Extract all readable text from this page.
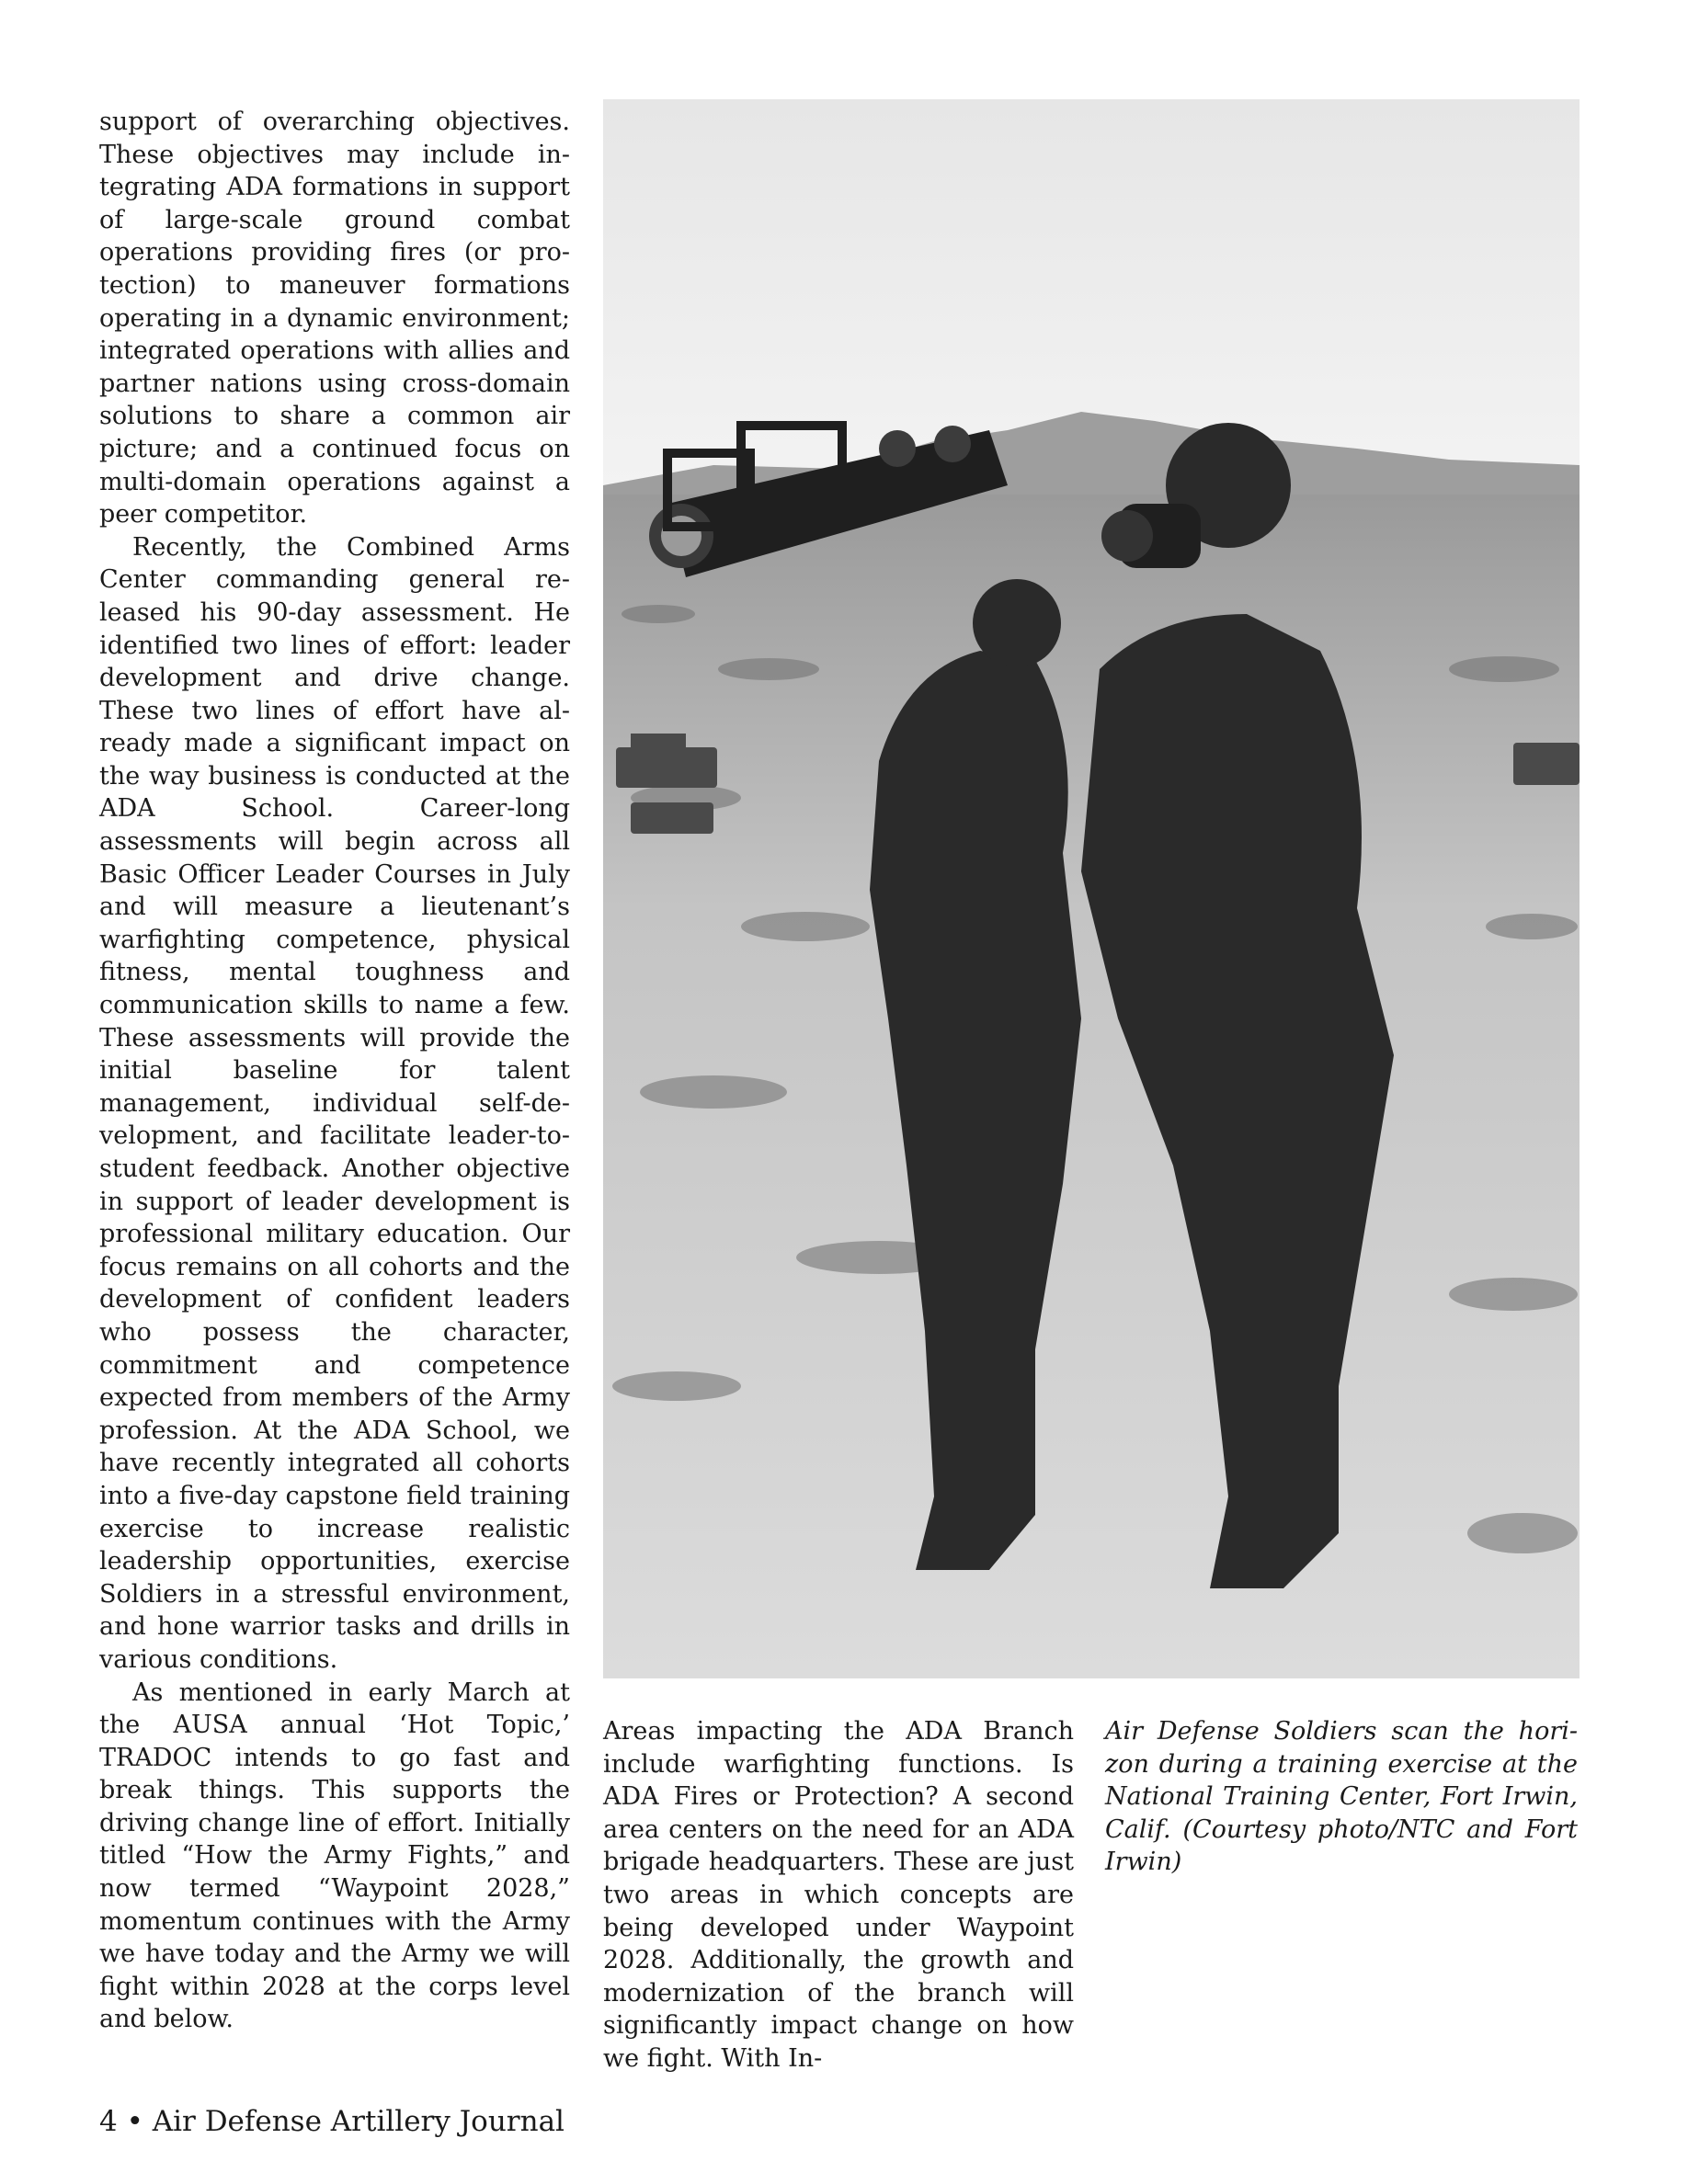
support of overarching objectives. These objectives may include integrating ADA formations in support of large-scale ground combat operations providing fires (or protection) to maneuver formations operating in a dynamic environment; integrated operations with allies and partner nations using cross-domain solutions to share a common air picture; and a continued focus on multi-domain operations against a peer competitor.

Recently, the Combined Arms Center commanding general released his 90-day assessment. He identified two lines of effort: leader development and drive change. These two lines of effort have already made a significant impact on the way business is conducted at the ADA School. Career-long assessments will begin across all Basic Officer Leader Courses in July and will measure a lieutenant’s warfighting competence, physical fitness, mental toughness and communication skills to name a few. These assessments will provide the initial baseline for talent management, individual self-development, and facilitate leader-to-student feedback. Another objective in support of leader development is professional military education. Our focus remains on all cohorts and the development of confident leaders who possess the character, commitment and competence expected from members of the Army profession. At the ADA School, we have recently integrated all cohorts into a five-day capstone field training exercise to increase realistic leadership opportunities, exercise Soldiers in a stressful environment, and hone warrior tasks and drills in various conditions.

As mentioned in early March at the AUSA annual ‘Hot Topic,’ TRADOC intends to go fast and break things. This supports the driving change line of effort. Initially titled “How the Army Fights,” and now termed “Waypoint 2028,” momentum continues with the Army we have today and the Army we will fight within 2028 at the corps level and below.

Areas impacting the ADA Branch include warfighting functions. Is ADA Fires or Protection? A second area centers on the need for an ADA brigade headquarters. These are just two areas in which concepts are being developed under Waypoint 2028. Additionally, the growth and modernization of the branch will significantly impact change on how we fight. With In-

Air Defense Soldiers scan the horizon during a training exercise at the National Training Center, Fort Irwin, Calif. (Courtesy photo/NTC and Fort Irwin)
4 • Air Defense Artillery Journal
